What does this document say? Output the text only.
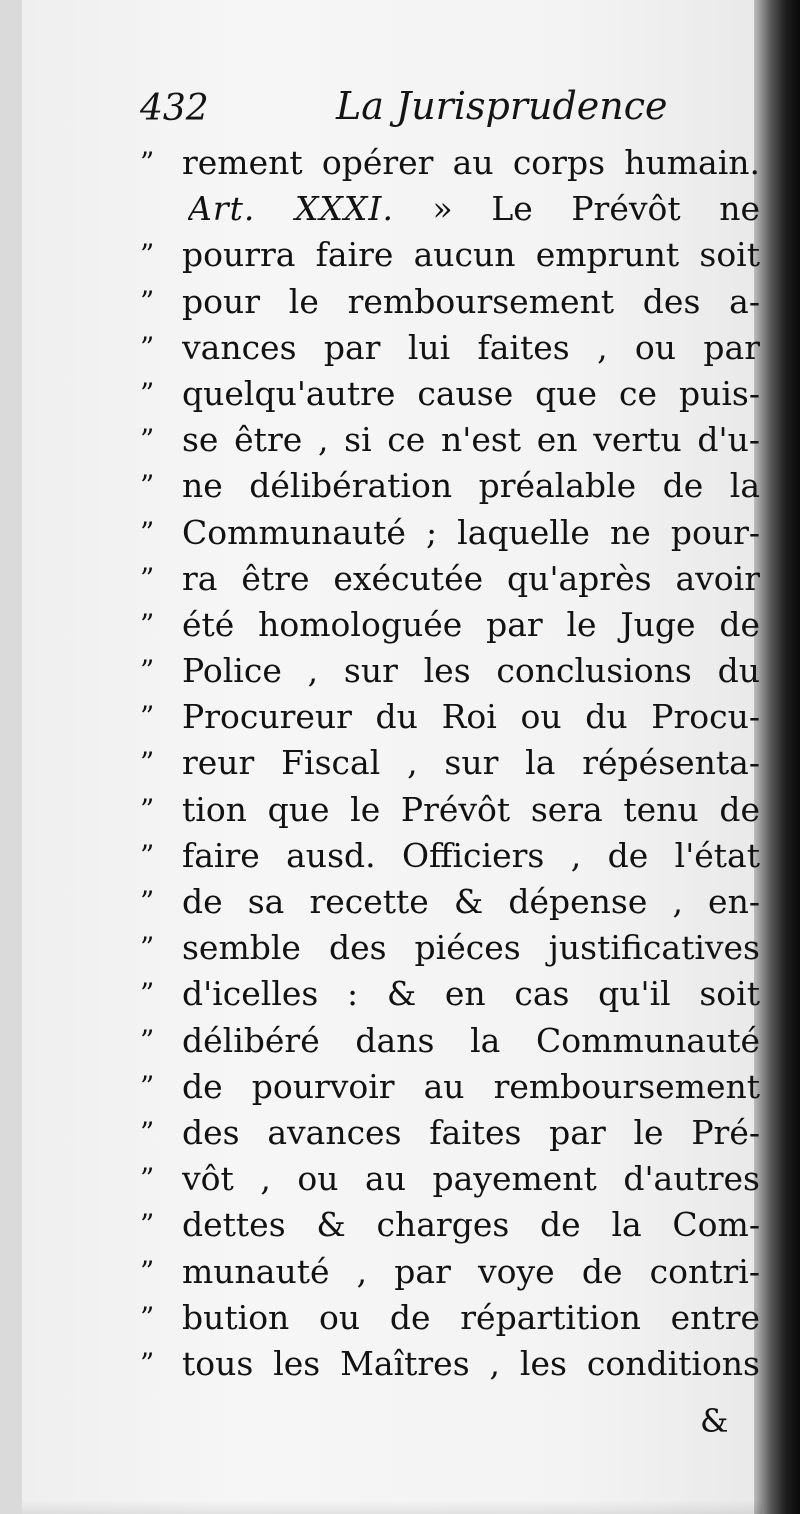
432	La Jurisprudence
” rement opérer au corps humain.
Art. XXXI. » Le Prévôt ne
” pourra faire aucun emprunt soit
” pour le remboursement des a-
” vances par lui faites , ou par
” quelqu'autre cause que ce puis-
” se être , si ce n'est en vertu d'u-
” ne délibération préalable de la
” Communauté ; laquelle ne pour-
” ra être exécutée qu'après avoir
” été homologuée par le Juge de
” Police , sur les conclusions du
” Procureur du Roi ou du Procu-
” reur Fiscal , sur la répésenta-
” tion que le Prévôt sera tenu de
” faire ausd. Officiers , de l'état
” de sa recette & dépense , en-
” semble des piéces justificatives
” d'icelles : & en cas qu'il soit
” délibéré dans la Communauté
” de pourvoir au remboursement
” des avances faites par le Pré-
” vôt , ou au payement d'autres
” dettes & charges de la Com-
” munauté , par voye de contri-
” bution ou de répartition entre
” tous les Maîtres , les conditions
&
